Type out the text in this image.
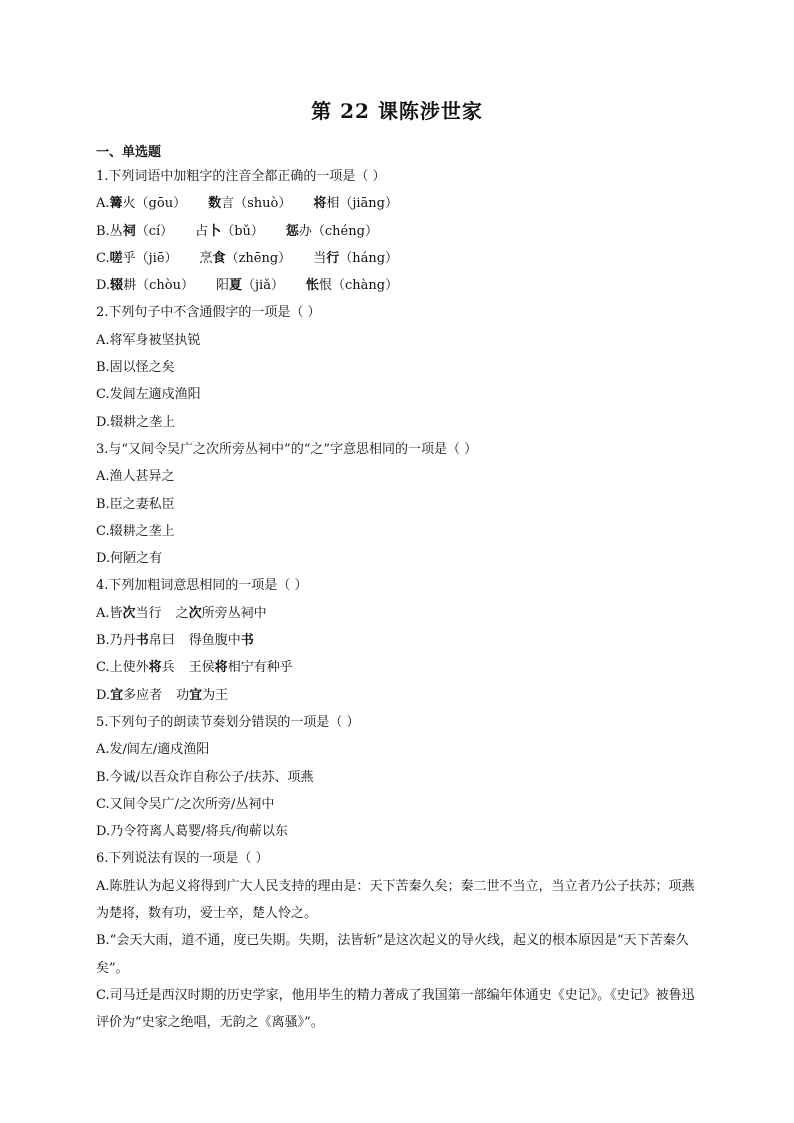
第 22 课陈涉世家
一、单选题
1.下列词语中加粗字的注音全都正确的一项是（ ）
A.篝火（gōu） 数言（shuò） 将相（jiāng）
B.丛祠（cí） 占卜（bǔ） 惩办（chéng）
C.嗟乎（jiē） 烹食（zhēng） 当行（háng）
D.辍耕（chòu） 阳夏（jiǎ） 怅恨（chàng）
2.下列句子中不含通假字的一项是（ ）
A.将军身被坚执锐
B.固以怪之矣
C.发闾左適戍渔阳
D.辍耕之垄上
3.与“又间令吴广之次所旁丛祠中”的“之”字意思相同的一项是（ ）
A.渔人甚异之
B.臣之妻私臣
C.辍耕之垄上
D.何陋之有
4.下列加粗词意思相同的一项是（ ）
A.皆次当行 之次所旁丛祠中
B.乃丹书帛曰 得鱼腹中书
C.上使外将兵 王侯将相宁有种乎
D.宜多应者 功宜为王
5.下列句子的朗读节奏划分错误的一项是（ ）
A.发/闾左/適戍渔阳
B.今诚/以吾众诈自称公子/扶苏、项燕
C.又间令吴广/之次所旁/丛祠中
D.乃令符离人葛婴/将兵/徇蕲以东
6.下列说法有误的一项是（ ）
A.陈胜认为起义将得到广大人民支持的理由是：天下苦秦久矣；秦二世不当立，当立者乃公子扶苏；项燕为楚将，数有功，爱士卒，楚人怜之。
B.“会天大雨，道不通，度已失期。失期，法皆斩”是这次起义的导火线，起义的根本原因是“天下苦秦久矣”。
C.司马迁是西汉时期的历史学家，他用毕生的精力著成了我国第一部编年体通史《史记》。《史记》被鲁迅评价为“史家之绝唱，无韵之《离骚》”。
